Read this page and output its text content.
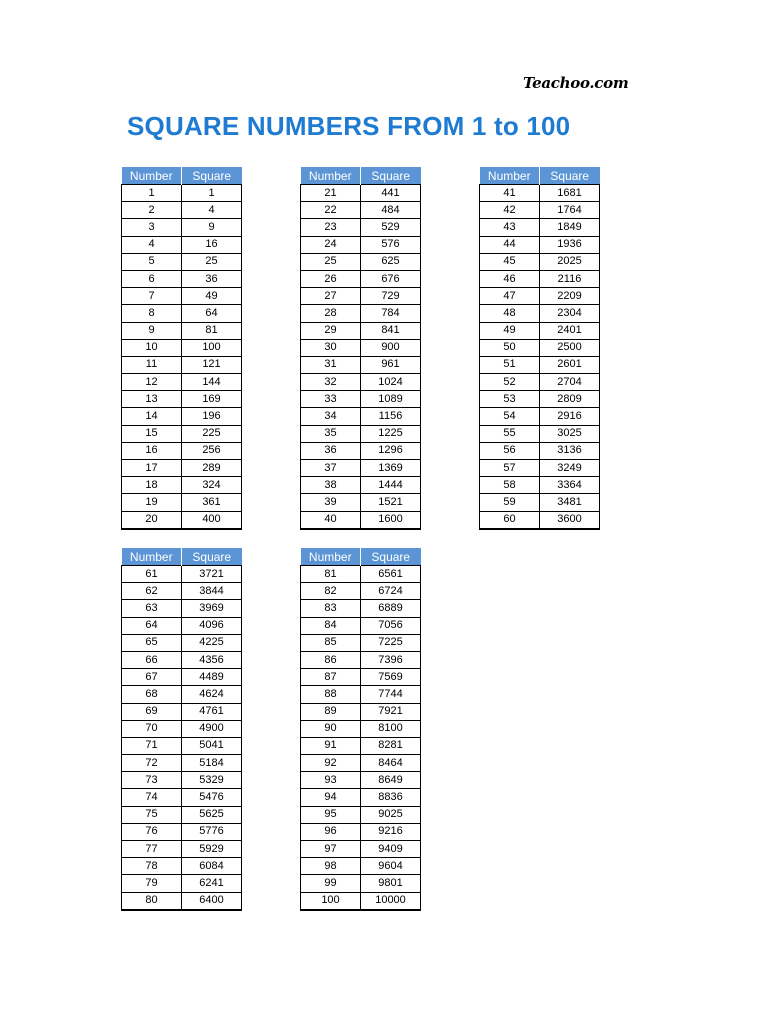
Teachoo.com
SQUARE NUMBERS FROM 1 to 100
Number	Square
1	1
2	4
3	9
4	16
5	25
6	36
7	49
8	64
9	81
10	100
11	121
12	144
13	169
14	196
15	225
16	256
17	289
18	324
19	361
20	400
Number	Square
21	441
22	484
23	529
24	576
25	625
26	676
27	729
28	784
29	841
30	900
31	961
32	1024
33	1089
34	1156
35	1225
36	1296
37	1369
38	1444
39	1521
40	1600
Number	Square
41	1681
42	1764
43	1849
44	1936
45	2025
46	2116
47	2209
48	2304
49	2401
50	2500
51	2601
52	2704
53	2809
54	2916
55	3025
56	3136
57	3249
58	3364
59	3481
60	3600
Number	Square
61	3721
62	3844
63	3969
64	4096
65	4225
66	4356
67	4489
68	4624
69	4761
70	4900
71	5041
72	5184
73	5329
74	5476
75	5625
76	5776
77	5929
78	6084
79	6241
80	6400
Number	Square
81	6561
82	6724
83	6889
84	7056
85	7225
86	7396
87	7569
88	7744
89	7921
90	8100
91	8281
92	8464
93	8649
94	8836
95	9025
96	9216
97	9409
98	9604
99	9801
100	10000
